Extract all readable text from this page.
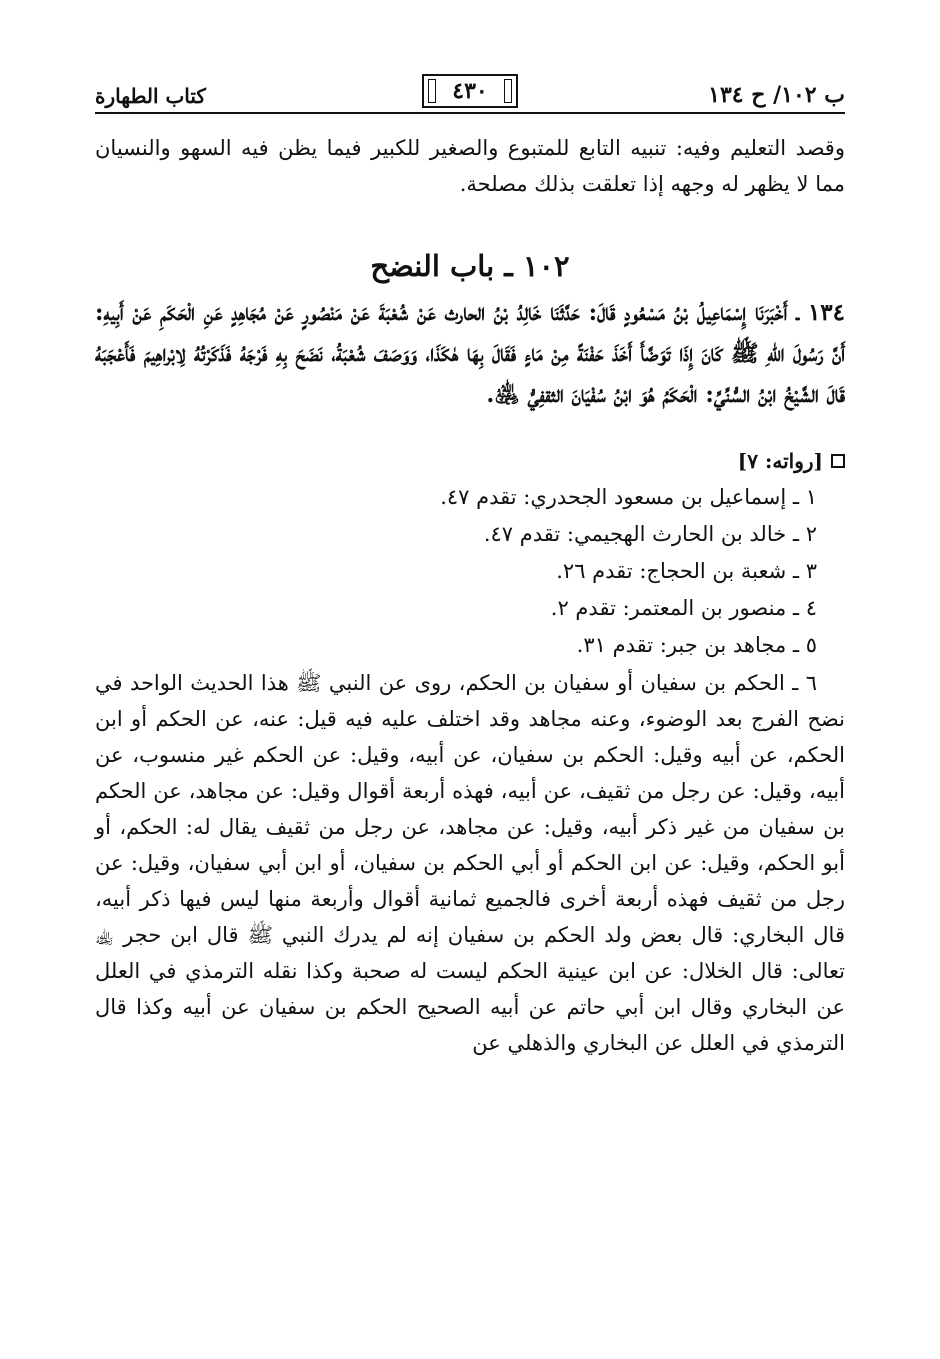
ب ١٠٢/ ح ١٣٤
٤٣٠
كتاب الطهارة

وقصد التعليم وفيه: تنبيه التابع للمتبوع والصغير للكبير فيما يظن فيه السهو والنسيان مما لا يظهر له وجهه إذا تعلقت بذلك مصلحة.

١٠٢ ـ باب النضح

١٣٤ ـ أَخْبَرَنَا إِسْمَاعِيلُ بْنُ مَسْعُودٍ قَالَ: حَدَّثَنَا خَالِدُ بْنُ الحارث عَنْ شُعْبَةَ عَنْ مَنْصُورٍ عَنْ مُجَاهِدٍ عَنِ الْحَكَمِ عَنْ أَبِيهِ: أَنَّ رَسُولَ اللهِ ﷺ كَانَ إِذَا تَوَضَّأَ أَخَذَ حَفْنَةً مِنْ مَاءٍ فَقَالَ بِهَا هٰكَذَا، وَوَصَفَ شُعْبَةُ، نَضَحَ بِهِ فَرْجَهُ فَذَكَرْتُهُ لِابْراهِيمَ فَأَعْجَبَهُ قَالَ الشَّيْخُ ابْنُ السُّنِّيِّ: الْحَكَمُ هُوَ ابْنُ سُفْيَانَ الثقفِيُّ ﵁.

[رواته: ٧]
١ ـ إسماعيل بن مسعود الجحدري: تقدم ٤٧.
٢ ـ خالد بن الحارث الهجيمي: تقدم ٤٧.
٣ ـ شعبة بن الحجاج: تقدم ٢٦.
٤ ـ منصور بن المعتمر: تقدم ٢.
٥ ـ مجاهد بن جبر: تقدم ٣١.

٦ ـ الحكم بن سفيان أو سفيان بن الحكم، روى عن النبي ﷺ هذا الحديث الواحد في نضح الفرج بعد الوضوء، وعنه مجاهد وقد اختلف عليه فيه قيل: عنه، عن الحكم أو ابن الحكم، عن أبيه وقيل: الحكم بن سفيان، عن أبيه، وقيل: عن الحكم غير منسوب، عن أبيه، وقيل: عن رجل من ثقيف، عن أبيه، فهذه أربعة أقوال وقيل: عن مجاهد، عن الحكم بن سفيان من غير ذكر أبيه، وقيل: عن مجاهد، عن رجل من ثقيف يقال له: الحكم، أو أبو الحكم، وقيل: عن ابن الحكم أو أبي الحكم بن سفيان، أو ابن أبي سفيان، وقيل: عن رجل من ثقيف فهذه أربعة أخرى فالجميع ثمانية أقوال وأربعة منها ليس فيها ذكر أبيه، قال البخاري: قال بعض ولد الحكم بن سفيان إنه لم يدرك النبي ﷺ قال ابن حجر ﵀ تعالى: قال الخلال: عن ابن عينية الحكم ليست له صحبة وكذا نقله الترمذي في العلل عن البخاري وقال ابن أبي حاتم عن أبيه الصحيح الحكم بن سفيان عن أبيه وكذا قال الترمذي في العلل عن البخاري والذهلي عن
